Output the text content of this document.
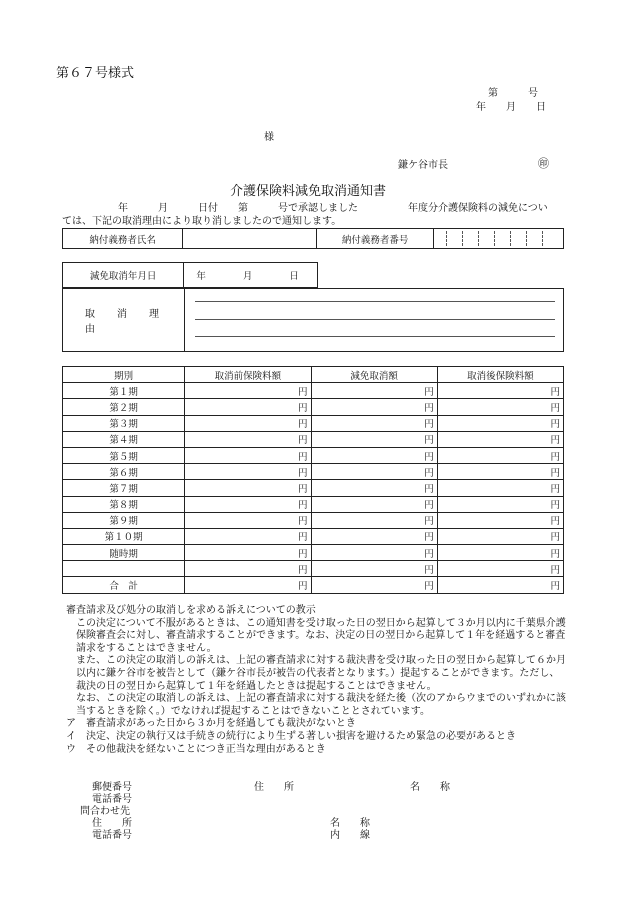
第６７号様式
第　　　号
年　　月　　日
様
鎌ケ谷市長	㊞
介護保険料減免取消通知書
年　　　月　　　日付　　第　　　号で承認しました　　　　　年度分介護保険料の減免につい
ては、下記の取消理由により取り消しましたので通知します。
納付義務者氏名		納付義務者番号	
減免取消年月日	年　　月　　日
取消理由
期別	取消前保険料額	減免取消額	取消後保険料額
第１期	円	円	円
第２期	円	円	円
第３期	円	円	円
第４期	円	円	円
第５期	円	円	円
第６期	円	円	円
第７期	円	円	円
第８期	円	円	円
第９期	円	円	円
第１０期	円	円	円
随時期	円	円	円
	円	円	円
合　計	円	円	円

審査請求及び処分の取消しを求める訴えについての教示

この決定について不服があるときは、この通知書を受け取った日の翌日から起算して３か月以内に千葉県介護保険審査会に対し、審査請求することができます。なお、決定の日の翌日から起算して１年を経過すると審査請求をすることはできません。

また、この決定の取消しの訴えは、上記の審査請求に対する裁決書を受け取った日の翌日から起算して６か月以内に鎌ケ谷市を被告として（鎌ケ谷市長が被告の代表者となります。）提起することができます。ただし、裁決の日の翌日から起算して１年を経過したときは提起することはできません。

なお、この決定の取消しの訴えは、上記の審査請求に対する裁決を経た後（次のアからウまでのいずれかに該当するときを除く。）でなければ提起することはできないこととされています。

ア　審査請求があった日から３か月を経過しても裁決がないとき

イ　決定、決定の執行又は手続きの続行により生ずる著しい損害を避けるため緊急の必要があるとき

ウ　その他裁決を経ないことにつき正当な理由があるとき

郵便番号	住　　所	名　　称
電話番号
問合わせ先
住　　所	名　　称
電話番号	内　　線
